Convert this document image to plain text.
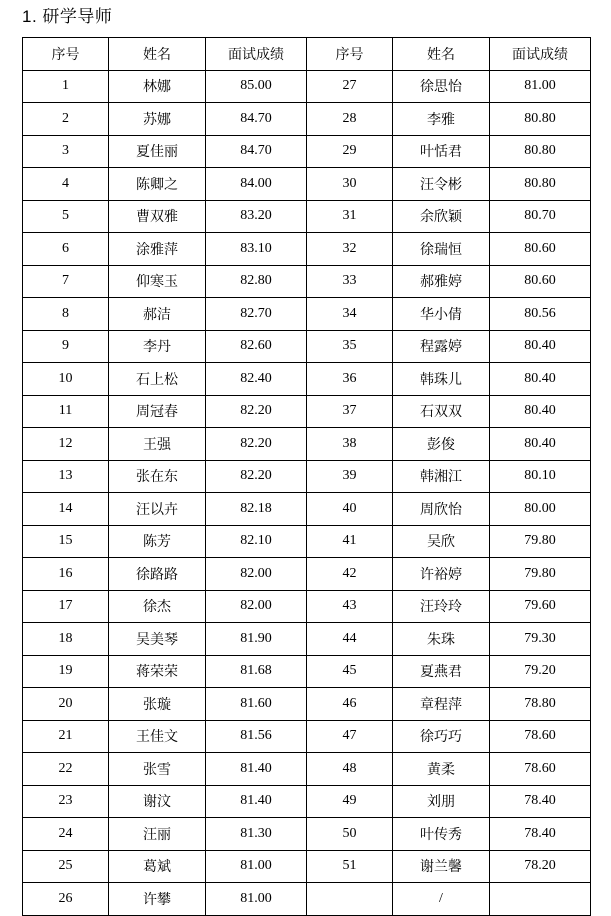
1. 研学导师
序号	姓名	面试成绩	序号	姓名	面试成绩
1	林娜	85.00	27	徐思怡	81.00
2	苏娜	84.70	28	李雅	80.80
3	夏佳丽	84.70	29	叶恬君	80.80
4	陈卿之	84.00	30	汪令彬	80.80
5	曹双雅	83.20	31	余欣颖	80.70
6	涂雅萍	83.10	32	徐瑞恒	80.60
7	仰寒玉	82.80	33	郝雅婷	80.60
8	郝洁	82.70	34	华小倩	80.56
9	李丹	82.60	35	程露婷	80.40
10	石上松	82.40	36	韩珠儿	80.40
11	周冠春	82.20	37	石双双	80.40
12	王强	82.20	38	彭俊	80.40
13	张在东	82.20	39	韩湘江	80.10
14	汪以卉	82.18	40	周欣怡	80.00
15	陈芳	82.10	41	吴欣	79.80
16	徐路路	82.00	42	许裕婷	79.80
17	徐杰	82.00	43	汪玲玲	79.60
18	吴美琴	81.90	44	朱珠	79.30
19	蒋荣荣	81.68	45	夏燕君	79.20
20	张璇	81.60	46	章程萍	78.80
21	王佳文	81.56	47	徐巧巧	78.60
22	张雪	81.40	48	黄柔	78.60
23	谢汶	81.40	49	刘朋	78.40
24	汪丽	81.30	50	叶传秀	78.40
25	葛斌	81.00	51	谢兰馨	78.20
26	许攀	81.00		/	
